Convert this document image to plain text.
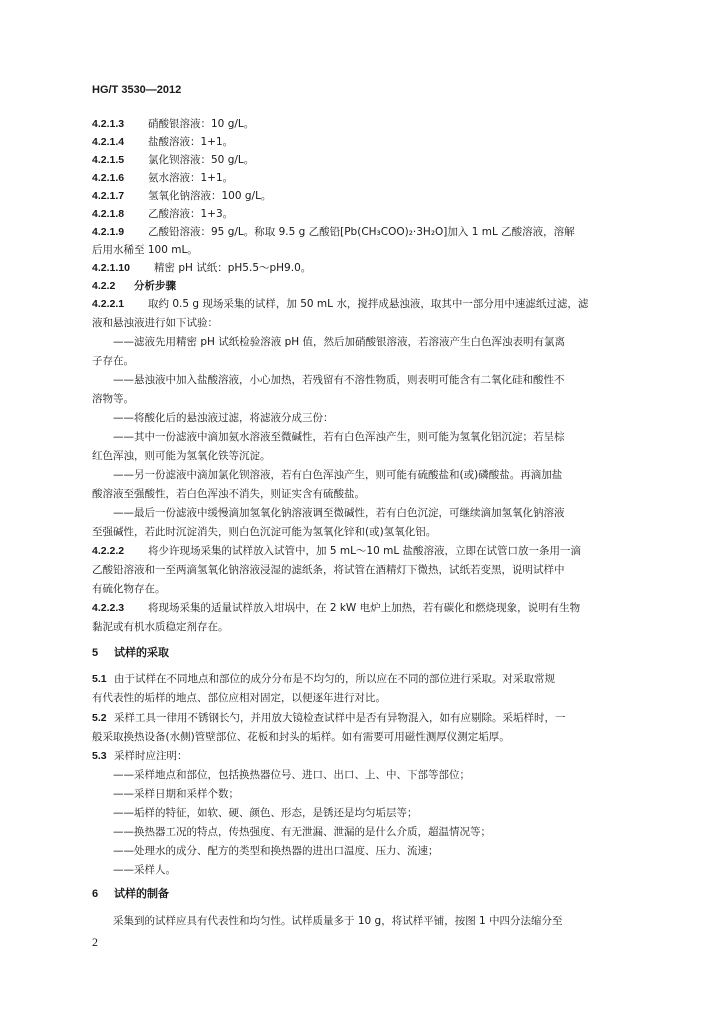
HG/T 3530—2012
4.2.1.3 硝酸银溶液：10 g/L。
4.2.1.4 盐酸溶液：1+1。
4.2.1.5 氯化钡溶液：50 g/L。
4.2.1.6 氨水溶液：1+1。
4.2.1.7 氢氧化钠溶液：100 g/L。
4.2.1.8 乙酸溶液：1+3。
4.2.1.9 乙酸铅溶液：95 g/L。称取 9.5 g 乙酸铅[Pb(CH₃COO)₂·3H₂O]加入 1 mL 乙酸溶液，溶解
后用水稀至 100 mL。
4.2.1.10 精密 pH 试纸：pH5.5～pH9.0。
4.2.2 分析步骤
4.2.2.1 取约 0.5 g 现场采集的试样，加 50 mL 水，搅拌成悬浊液，取其中一部分用中速滤纸过滤，滤
液和悬浊液进行如下试验：
——滤液先用精密 pH 试纸检验溶液 pH 值，然后加硝酸银溶液，若溶液产生白色浑浊表明有氯离
子存在。
——悬浊液中加入盐酸溶液，小心加热，若残留有不溶性物质，则表明可能含有二氧化硅和酸性不
溶物等。
——将酸化后的悬浊液过滤，将滤液分成三份：
——其中一份滤液中滴加氨水溶液至微碱性，若有白色浑浊产生，则可能为氢氧化铝沉淀；若呈棕
红色浑浊，则可能为氢氧化铁等沉淀。
——另一份滤液中滴加氯化钡溶液，若有白色浑浊产生，则可能有硫酸盐和(或)磷酸盐。再滴加盐
酸溶液至强酸性，若白色浑浊不消失，则证实含有硫酸盐。
——最后一份滤液中缓慢滴加氢氧化钠溶液调至微碱性，若有白色沉淀，可继续滴加氢氧化钠溶液
至强碱性，若此时沉淀消失，则白色沉淀可能为氢氧化锌和(或)氢氧化铝。
4.2.2.2 将少许现场采集的试样放入试管中，加 5 mL～10 mL 盐酸溶液，立即在试管口放一条用一滴
乙酸铅溶液和一至两滴氢氧化钠溶液浸湿的滤纸条，将试管在酒精灯下微热，试纸若变黑，说明试样中
有硫化物存在。
4.2.2.3 将现场采集的适量试样放入坩埚中，在 2 kW 电炉上加热，若有碳化和燃烧现象，说明有生物
黏泥或有机水质稳定剂存在。
5 试样的采取
5.1 由于试样在不同地点和部位的成分分布是不均匀的，所以应在不同的部位进行采取。对采取常规
有代表性的垢样的地点、部位应相对固定，以便逐年进行对比。
5.2 采样工具一律用不锈钢长勺，并用放大镜检查试样中是否有异物混入，如有应剔除。采垢样时，一
般采取换热设备(水侧)管壁部位、花板和封头的垢样。如有需要可用磁性测厚仪测定垢厚。
5.3 采样时应注明：
——采样地点和部位，包括换热器位号、进口、出口、上、中、下部等部位；
——采样日期和采样个数；
——垢样的特征，如软、硬、颜色、形态，是锈还是均匀垢层等；
——换热器工况的特点，传热强度、有无泄漏、泄漏的是什么介质，超温情况等；
——处理水的成分、配方的类型和换热器的进出口温度、压力、流速；
——采样人。
6 试样的制备
采集到的试样应具有代表性和均匀性。试样质量多于 10 g，将试样平铺，按图 1 中四分法缩分至
2
